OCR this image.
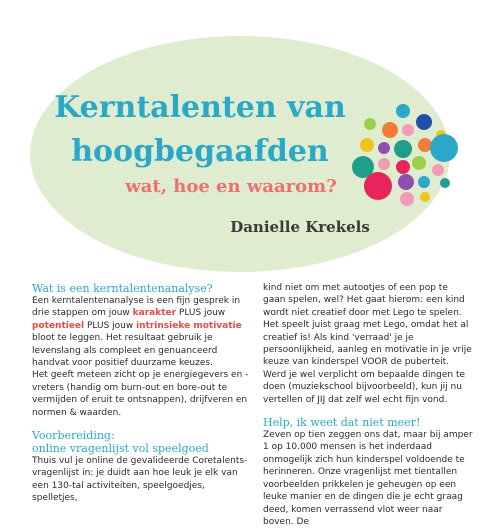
Kerntalenten van
hoogbegaafden
wat, hoe en waarom?
Danielle Krekels

Wat is een kerntalentenanalyse?

Een kerntalentenanalyse is een fijn gesprek in drie stappen om jouw karakter PLUS jouw potentieel PLUS jouw intrinsieke motivatie bloot te leggen. Het resultaat gebruik je levenslang als compleet en genuanceerd handvat voor positief duurzame keuzes.

Het geeft meteen zicht op je energiegevers en -vreters (handig om burn-out en bore-out te vermijden of eruit te ontsnappen), drijfveren en normen & waarden.

Voorbereiding:
online vragenlijst vol speelgoed

Thuis vul je online de gevalideerde Coretalents-vragenlijst in: je duidt aan hoe leuk je elk van een 130-tal activiteiten, speelgoedjes, spelletjes,

kind niet om met autootjes of een pop te gaan spelen, wel? Het gaat hierom: een kind wordt niet creatief door met Lego te spelen. Het speelt juist graag met Lego, omdat het al creatief is! Als kind 'verraad' je je persoonlijkheid, aanleg en motivatie in je vrije keuze van kinderspel VOOR de puberteit. Werd je wel verplicht om bepaalde dingen te doen (muziekschool bijvoorbeeld), kun jij nu vertellen of JIJ dat zelf wel echt fijn vond.

Help, ik weet dat niet meer!

Zeven op tien zeggen ons dat, maar bij amper 1 op 10.000 mensen is het inderdaad onmogelijk zich hun kinderspel voldoende te herinneren. Onze vragenlijst met tientallen voorbeelden prikkelen je geheugen op een leuke manier en de dingen die je echt graag deed, komen verrassend vlot weer naar boven. De
